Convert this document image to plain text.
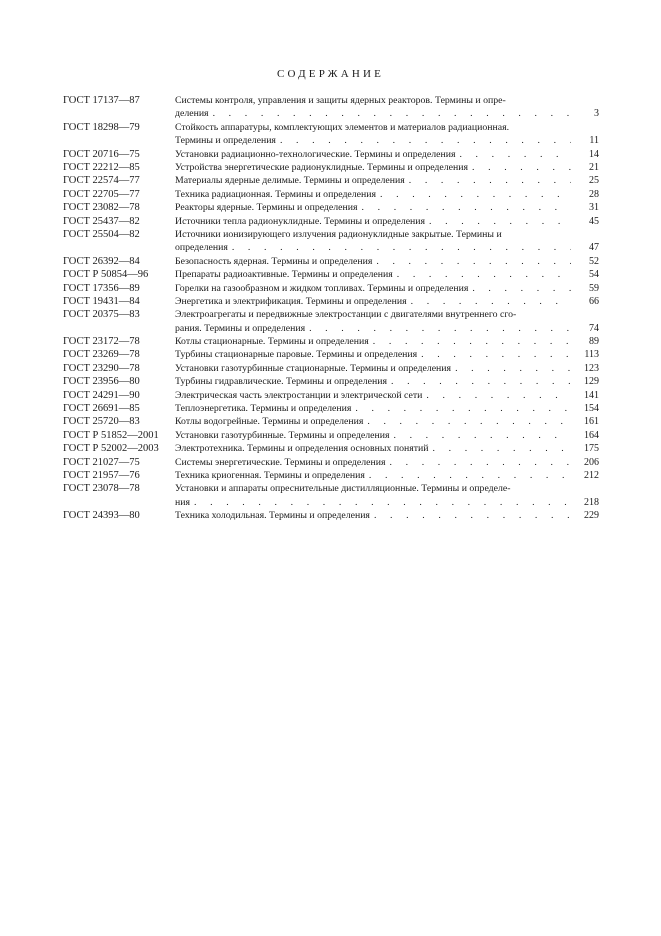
СОДЕРЖАНИЕ
ГОСТ 17137—87	Системы контроля, управления и защиты ядерных реакторов. Термины и опре-
деления . . .	3
ГОСТ 18298—79	Стойкость аппаратуры, комплектующих элементов и материалов радиационная.
Термины и определения . . .	11
ГОСТ 20716—75	Установки радиационно-технологические. Термины и определения . . .	14
ГОСТ 22212—85	Устройства энергетические радионуклидные. Термины и определения . . .	21
ГОСТ 22574—77	Материалы ядерные делимые. Термины и определения . . .	25
ГОСТ 22705—77	Техника радиационная. Термины и определения . . .	28
ГОСТ 23082—78	Реакторы ядерные. Термины и определения . . .	31
ГОСТ 25437—82	Источники тепла радионуклидные. Термины и определения . . .	45
ГОСТ 25504—82	Источники ионизирующего излучения радионуклидные закрытые. Термины и
определения . . .	47
ГОСТ 26392—84	Безопасность ядерная. Термины и определения . . .	52
ГОСТ Р 50854—96	Препараты радиоактивные. Термины и определения . . .	54
ГОСТ 17356—89	Горелки на газообразном и жидком топливах. Термины и определения . . .	59
ГОСТ 19431—84	Энергетика и электрификация. Термины и определения . . .	66
ГОСТ 20375—83	Электроагрегаты и передвижные электростанции с двигателями внутреннего сго-
рания. Термины и определения . . .	74
ГОСТ 23172—78	Котлы стационарные. Термины и определения . . .	89
ГОСТ 23269—78	Турбины стационарные паровые. Термины и определения . . .	113
ГОСТ 23290—78	Установки газотурбинные стационарные. Термины и определения . . .	123
ГОСТ 23956—80	Турбины гидравлические. Термины и определения . . .	129
ГОСТ 24291—90	Электрическая часть электростанции и электрической сети . . .	141
ГОСТ 26691—85	Теплоэнергетика. Термины и определения . . .	154
ГОСТ 25720—83	Котлы водогрейные. Термины и определения . . .	161
ГОСТ Р 51852—2001 Установки газотурбинные. Термины и определения . . .	164
ГОСТ Р 52002—2003 Электротехника. Термины и определения основных понятий . . .	175
ГОСТ 21027—75	Системы энергетические. Термины и определения . . .	206
ГОСТ 21957—76	Техника криогенная. Термины и определения . . .	212
ГОСТ 23078—78	Установки и аппараты опреснительные дистилляционные. Термины и определе-
ния . . .	218
ГОСТ 24393—80	Техника холодильная. Термины и определения . . .	229
